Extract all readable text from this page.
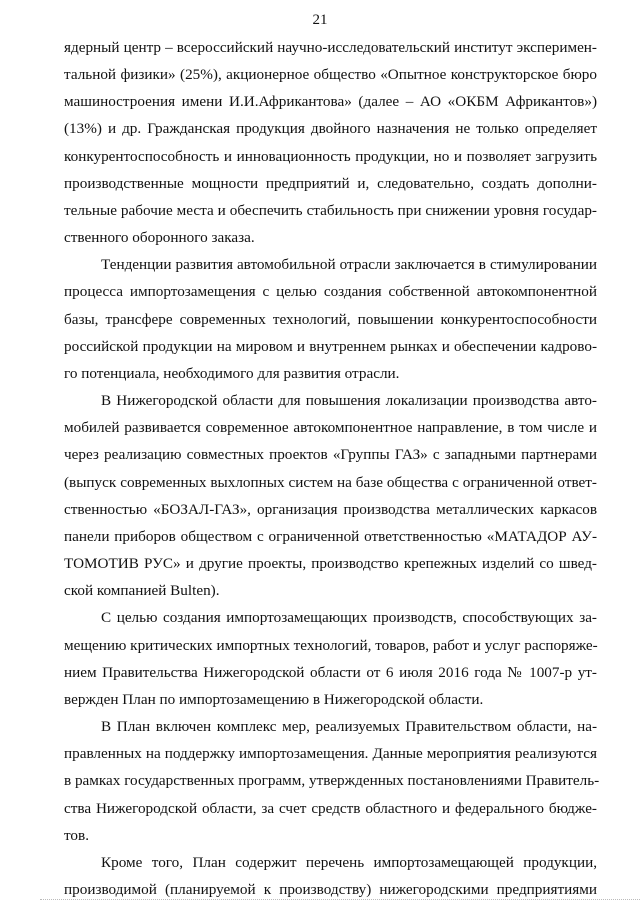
21
ядерный центр – всероссийский научно-исследовательский институт эксперимен-
тальной физики» (25%), акционерное общество «Опытное конструкторское бюро
машиностроения имени И.И.Африкантова» (далее – АО «ОКБМ Африкантов»)
(13%) и др. Гражданская продукция двойного назначения не только определяет
конкурентоспособность и инновационность продукции, но и позволяет загрузить
производственные мощности предприятий и, следовательно, создать дополни-
тельные рабочие места и обеспечить стабильность при снижении уровня государ-
ственного оборонного заказа.
Тенденции развития автомобильной отрасли заключается в стимулировании
процесса импортозамещения с целью создания собственной автокомпонентной
базы, трансфере современных технологий, повышении конкурентоспособности
российской продукции на мировом и внутреннем рынках и обеспечении кадрово-
го потенциала, необходимого для развития отрасли.
В Нижегородской области для повышения локализации производства авто-
мобилей развивается современное автокомпонентное направление, в том числе и
через реализацию совместных проектов «Группы ГАЗ» с западными партнерами
(выпуск современных выхлопных систем на базе общества с ограниченной ответ-
ственностью «БОЗАЛ-ГАЗ», организация производства металлических каркасов
панели приборов обществом с ограниченной ответственностью «МАТАДОР АУ-
ТОМОТИВ РУС» и другие проекты, производство крепежных изделий со швед-
ской компанией Bulten).
С целью создания импортозамещающих производств, способствующих за-
мещению критических импортных технологий, товаров, работ и услуг распоряже-
нием Правительства Нижегородской области от 6 июля 2016 года № 1007-р ут-
вержден План по импортозамещению в Нижегородской области.
В План включен комплекс мер, реализуемых Правительством области, на-
правленных на поддержку импортозамещения. Данные мероприятия реализуются
в рамках государственных программ, утвержденных постановлениями Правитель-
ства Нижегородской области, за счет средств областного и федерального бюдже-
тов.
Кроме того, План содержит перечень импортозамещающей продукции,
производимой (планируемой к производству) нижегородскими предприятиями
